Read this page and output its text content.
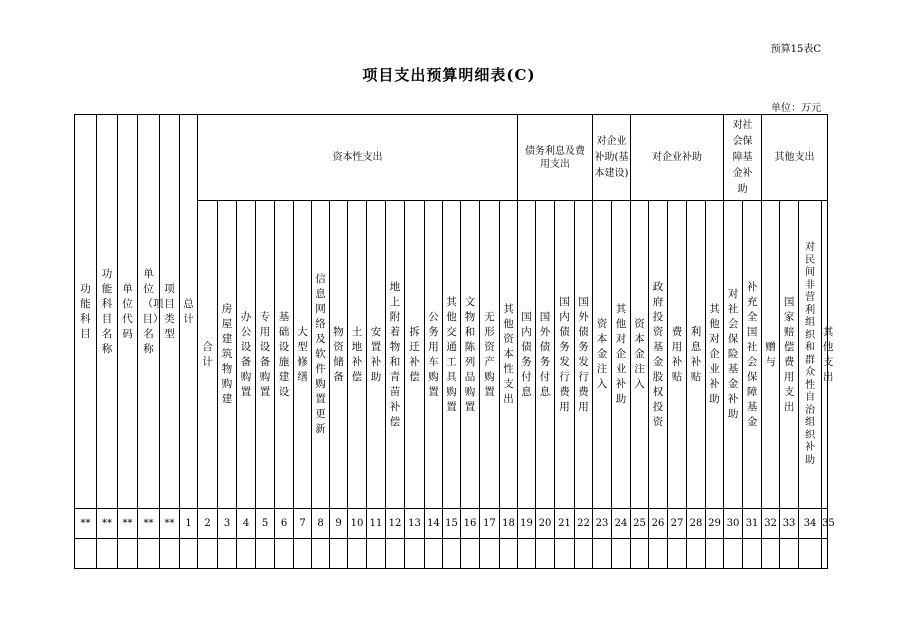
预算15表C
项目支出预算明细表(C)
单位：万元
功能科目	功能科目名称	单位代码	单位（项目）名称	项目类型	总计	资本性支出																	债务利息及费用支出				对企业补助(基本建设)		对企业补助					对社会保障基金补助		其他支出			
						合计	房屋建筑物购建	办公设备购置	专用设备购置	基础设施建设	大型修缮	信息网络及软件购置更新	物资储备	土地补偿	安置补助	地上附着物和青苗补偿	拆迁补偿	公务用车购置	其他交通工具购置	文物和陈列品购置	无形资产购置	其他资本性支出	国内债务付息	国外债务付息	国内债务发行费用	国外债务发行费用	资本金注入	其他对企业补助	资本金注入	政府投资基金股权投资	费用补贴	利息补贴	其他对企业补助	对社会保险基金补助	补充全国社会保障基金	赠与	国家赔偿费用支出	对民间非营利组织和群众性自治组织补助	其他支出
**	**	**	**	**	1	2	3	4	5	6	7	8	9	10	11	12	13	14	15	16	17	18	19	20	21	22	23	24	25	26	27	28	29	30	31	32	33	34	35
